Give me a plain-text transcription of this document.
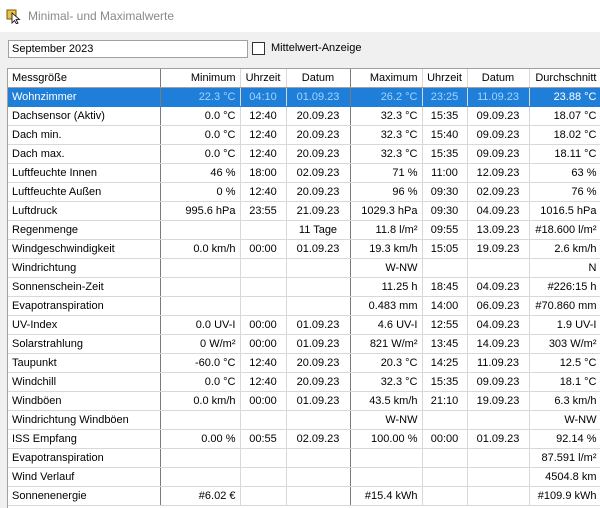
Minimal- und Maximalwerte
September 2023
Mittelwert-Anzeige
Messgröße	Minimum	Uhrzeit	Datum	Maximum	Uhrzeit	Datum	Durchschnitt
Wohnzimmer	22.3 °C	04:10	01.09.23	26.2 °C	23:25	11.09.23	23.88 °C
Dachsensor (Aktiv)	0.0 °C	12:40	20.09.23	32.3 °C	15:35	09.09.23	18.07 °C
Dach min.	0.0 °C	12:40	20.09.23	32.3 °C	15:40	09.09.23	18.02 °C
Dach max.	0.0 °C	12:40	20.09.23	32.3 °C	15:35	09.09.23	18.11 °C
Luftfeuchte Innen	46 %	18:00	02.09.23	71 %	11:00	12.09.23	63 %
Luftfeuchte Außen	0 %	12:40	20.09.23	96 %	09:30	02.09.23	76 %
Luftdruck	995.6 hPa	23:55	21.09.23	1029.3 hPa	09:30	04.09.23	1016.5 hPa
Regenmenge			11 Tage	11.8 l/m²	09:55	13.09.23	#18.600 l/m²
Windgeschwindigkeit	0.0 km/h	00:00	01.09.23	19.3 km/h	15:05	19.09.23	2.6 km/h
Windrichtung				W-NW			N
Sonnenschein-Zeit				11.25 h	18:45	04.09.23	#226:15 h
Evapotranspiration				0.483 mm	14:00	06.09.23	#70.860 mm
UV-Index	0.0 UV-I	00:00	01.09.23	4.6 UV-I	12:55	04.09.23	1.9 UV-I
Solarstrahlung	0 W/m²	00:00	01.09.23	821 W/m²	13:45	14.09.23	303 W/m²
Taupunkt	-60.0 °C	12:40	20.09.23	20.3 °C	14:25	11.09.23	12.5 °C
Windchill	0.0 °C	12:40	20.09.23	32.3 °C	15:35	09.09.23	18.1 °C
Windböen	0.0 km/h	00:00	01.09.23	43.5 km/h	21:10	19.09.23	6.3 km/h
Windrichtung Windböen				W-NW			W-NW
ISS Empfang	0.00 %	00:55	02.09.23	100.00 %	00:00	01.09.23	92.14 %
Evapotranspiration							87.591 l/m²
Wind Verlauf							4504.8 km
Sonnenenergie	#6.02 €			#15.4 kWh			#109.9 kWh
